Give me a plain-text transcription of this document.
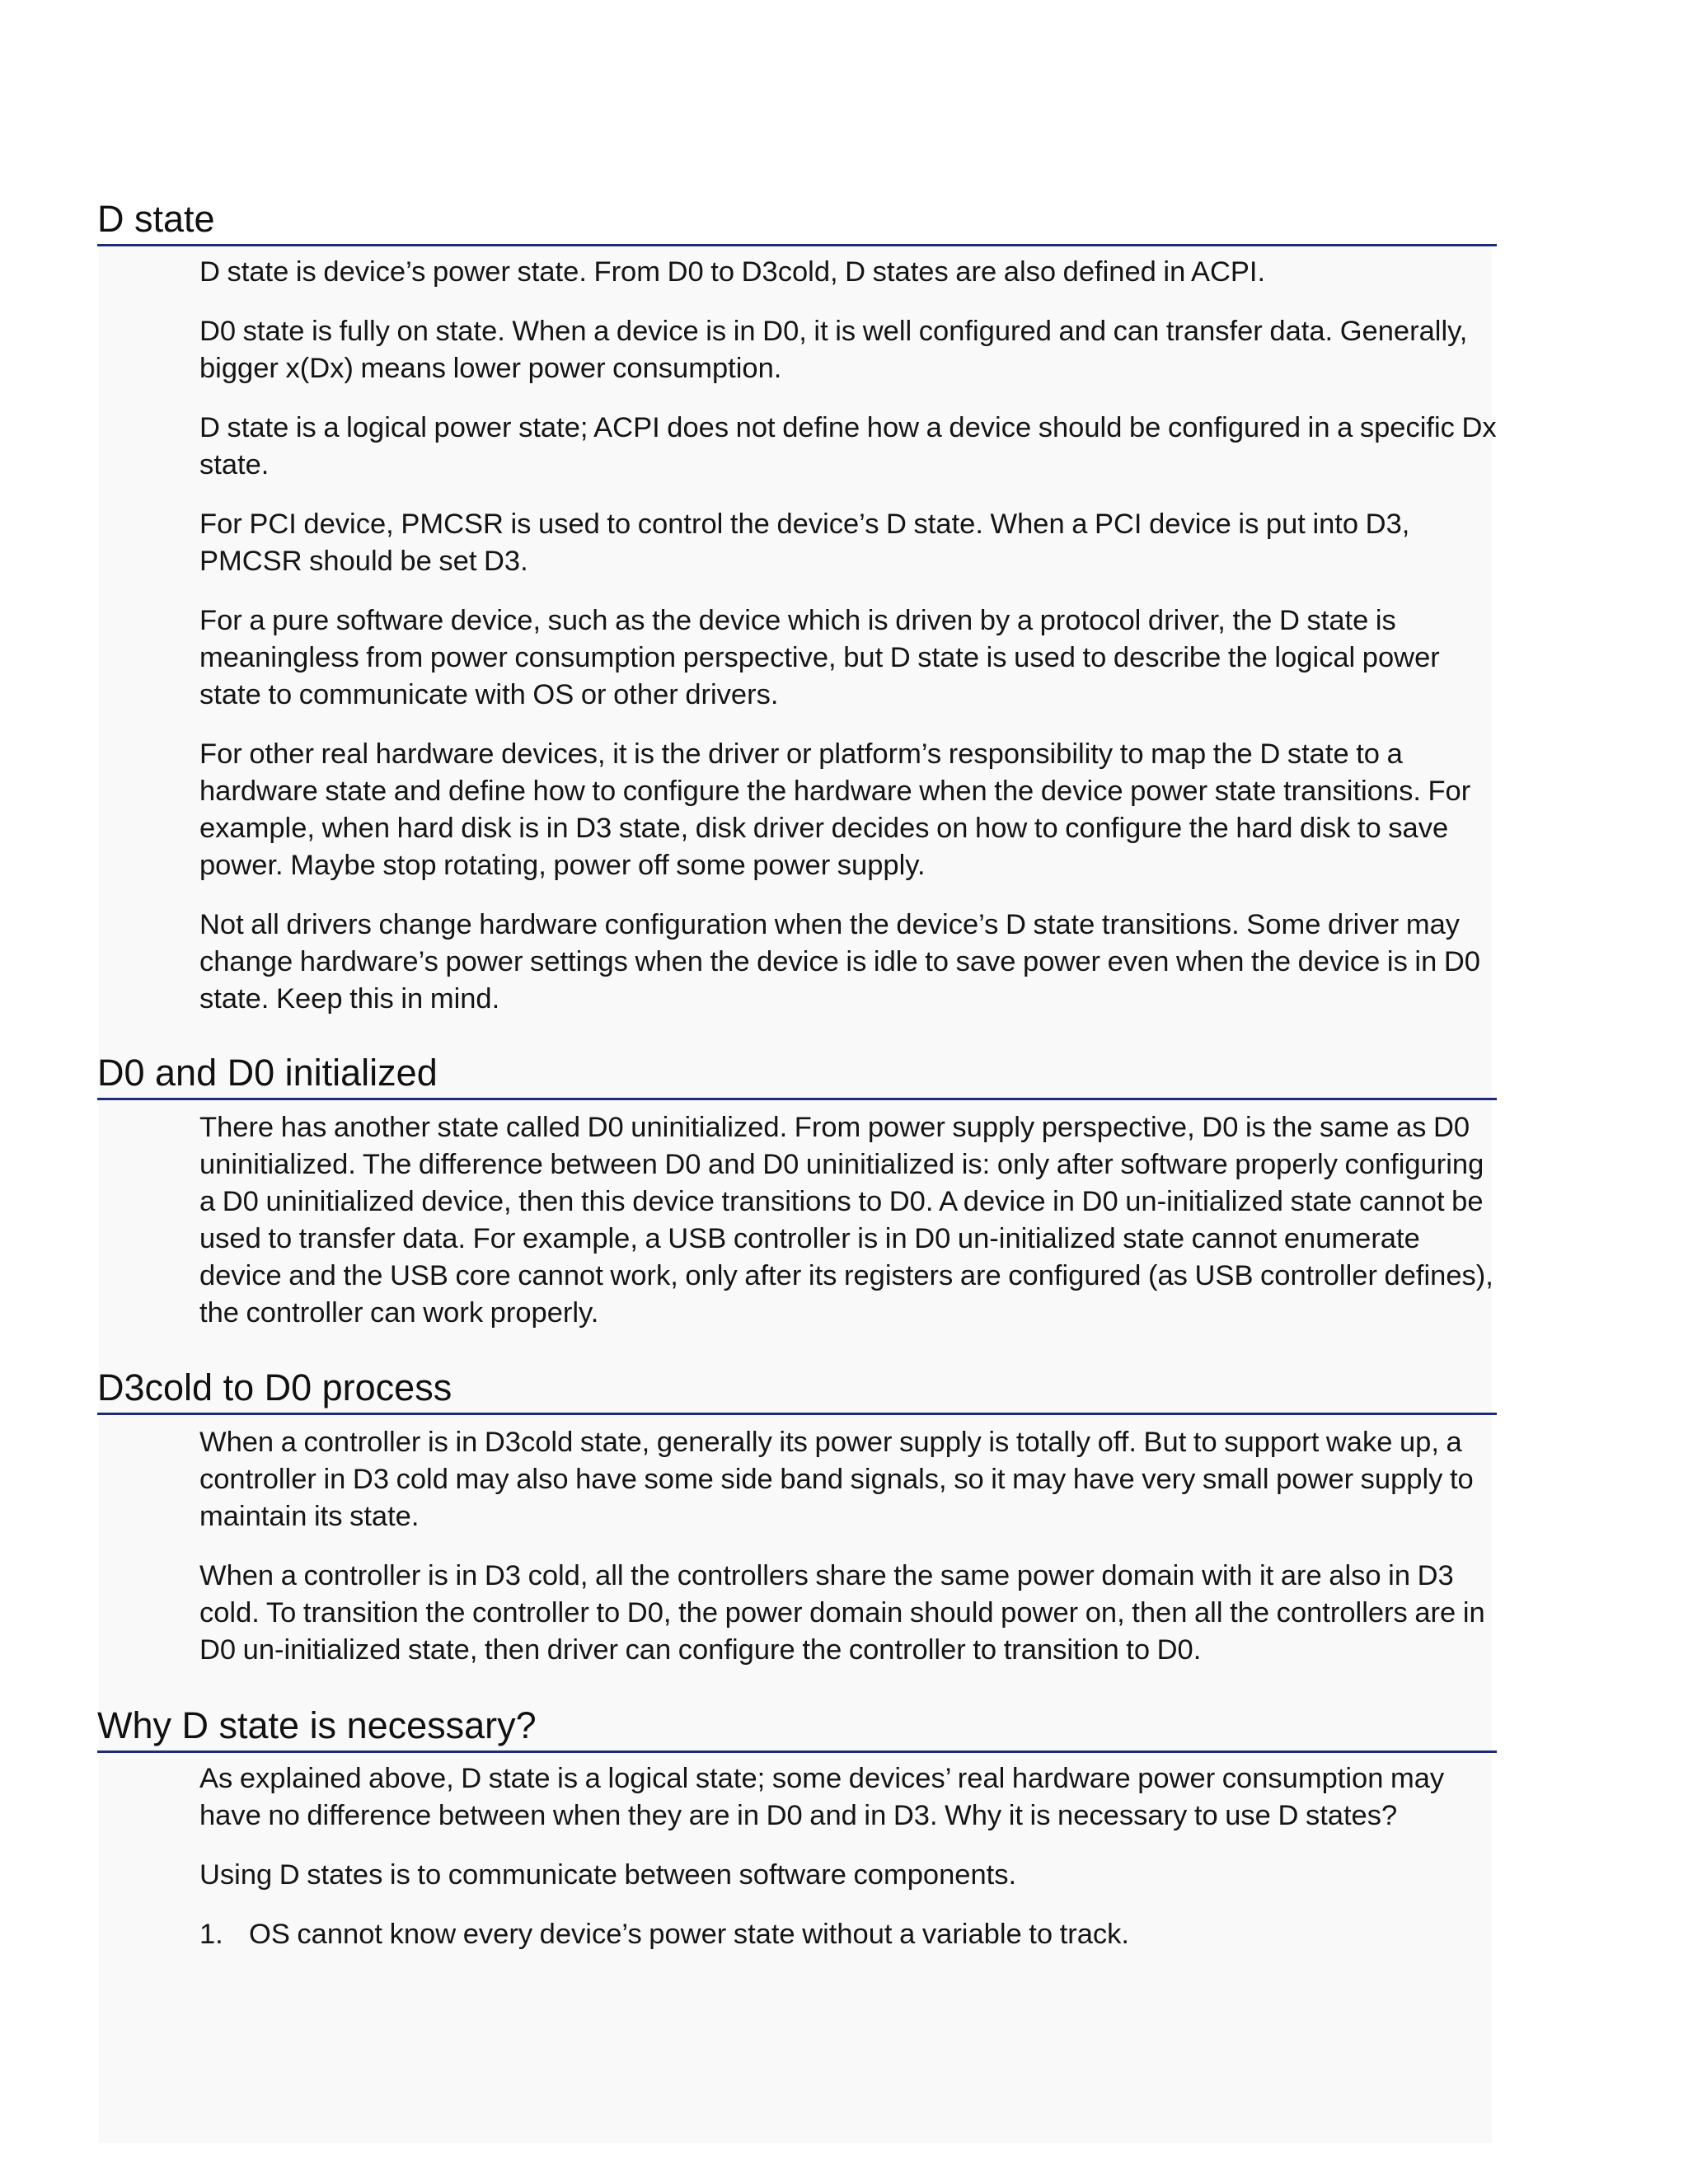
D state

D state is device’s power state. From D0 to D3cold, D states are also defined in ACPI.

D0 state is fully on state. When a device is in D0, it is well configured and can transfer data. Generally, bigger x(Dx) means lower power consumption.

D state is a logical power state; ACPI does not define how a device should be configured in a specific Dx state.

For PCI device, PMCSR is used to control the device’s D state. When a PCI device is put into D3, PMCSR should be set D3.

For a pure software device, such as the device which is driven by a protocol driver, the D state is meaningless from power consumption perspective, but D state is used to describe the logical power state to communicate with OS or other drivers.

For other real hardware devices, it is the driver or platform’s responsibility to map the D state to a hardware state and define how to configure the hardware when the device power state transitions. For example, when hard disk is in D3 state, disk driver decides on how to configure the hard disk to save power. Maybe stop rotating, power off some power supply.

Not all drivers change hardware configuration when the device’s D state transitions. Some driver may change hardware’s power settings when the device is idle to save power even when the device is in D0 state. Keep this in mind.

D0 and D0 initialized

There has another state called D0 uninitialized. From power supply perspective, D0 is the same as D0 uninitialized. The difference between D0 and D0 uninitialized is: only after software properly configuring a D0 uninitialized device, then this device transitions to D0. A device in D0 un-initialized state cannot be used to transfer data. For example, a USB controller is in D0 un-initialized state cannot enumerate device and the USB core cannot work, only after its registers are configured (as USB controller defines), the controller can work properly.

D3cold to D0 process

When a controller is in D3cold state, generally its power supply is totally off. But to support wake up, a controller in D3 cold may also have some side band signals, so it may have very small power supply to maintain its state.

When a controller is in D3 cold, all the controllers share the same power domain with it are also in D3 cold. To transition the controller to D0, the power domain should power on, then all the controllers are in D0 un-initialized state, then driver can configure the controller to transition to D0.

Why D state is necessary?

As explained above, D state is a logical state; some devices’ real hardware power consumption may have no difference between when they are in D0 and in D3. Why it is necessary to use D states?

Using D states is to communicate between software components.

1. OS cannot know every device’s power state without a variable to track.
